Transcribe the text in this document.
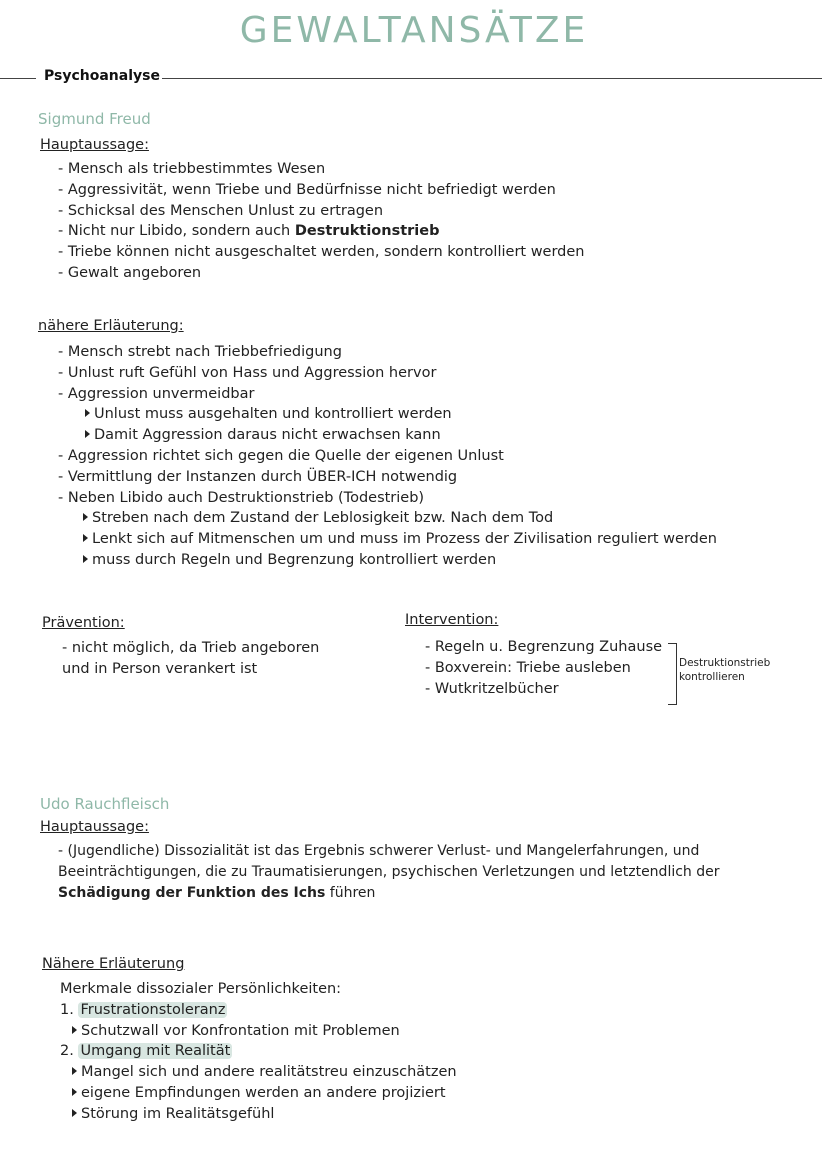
GEWALTANSÄTZE
Psychoanalyse
Sigmund Freud
Hauptaussage:
- Mensch als triebbestimmtes Wesen
- Aggressivität, wenn Triebe und Bedürfnisse nicht befriedigt werden
- Schicksal des Menschen Unlust zu ertragen
- Nicht nur Libido, sondern auch Destruktionstrieb
- Triebe können nicht ausgeschaltet werden, sondern kontrolliert werden
- Gewalt angeboren
nähere Erläuterung:
- Mensch strebt nach Triebbefriedigung
- Unlust ruft Gefühl von Hass und Aggression hervor
- Aggression unvermeidbar
Unlust muss ausgehalten und kontrolliert werden
Damit Aggression daraus nicht erwachsen kann
- Aggression richtet sich gegen die Quelle der eigenen Unlust
- Vermittlung der Instanzen durch ÜBER-ICH notwendig
- Neben Libido auch Destruktionstrieb (Todestrieb)
Streben nach dem Zustand der Leblosigkeit bzw. Nach dem Tod
Lenkt sich auf Mitmenschen um und muss im Prozess der Zivilisation reguliert werden
muss durch Regeln und Begrenzung kontrolliert werden
Prävention:
- nicht möglich, da Trieb angeboren
und in Person verankert ist
Intervention:
- Regeln u. Begrenzung Zuhause
- Boxverein: Triebe ausleben
- Wutkritzelbücher
Destruktionstrieb
kontrollieren
Udo Rauchfleisch
Hauptaussage:
- (Jugendliche) Dissozialität ist das Ergebnis schwerer Verlust- und Mangelerfahrungen, und
Beeinträchtigungen, die zu Traumatisierungen, psychischen Verletzungen und letztendlich der
Schädigung der Funktion des Ichs führen
Nähere Erläuterung
Merkmale dissozialer Persönlichkeiten:
1. Frustrationstoleranz
Schutzwall vor Konfrontation mit Problemen
2. Umgang mit Realität
Mangel sich und andere realitätstreu einzuschätzen
eigene Empfindungen werden an andere projiziert
Störung im Realitätsgefühl
